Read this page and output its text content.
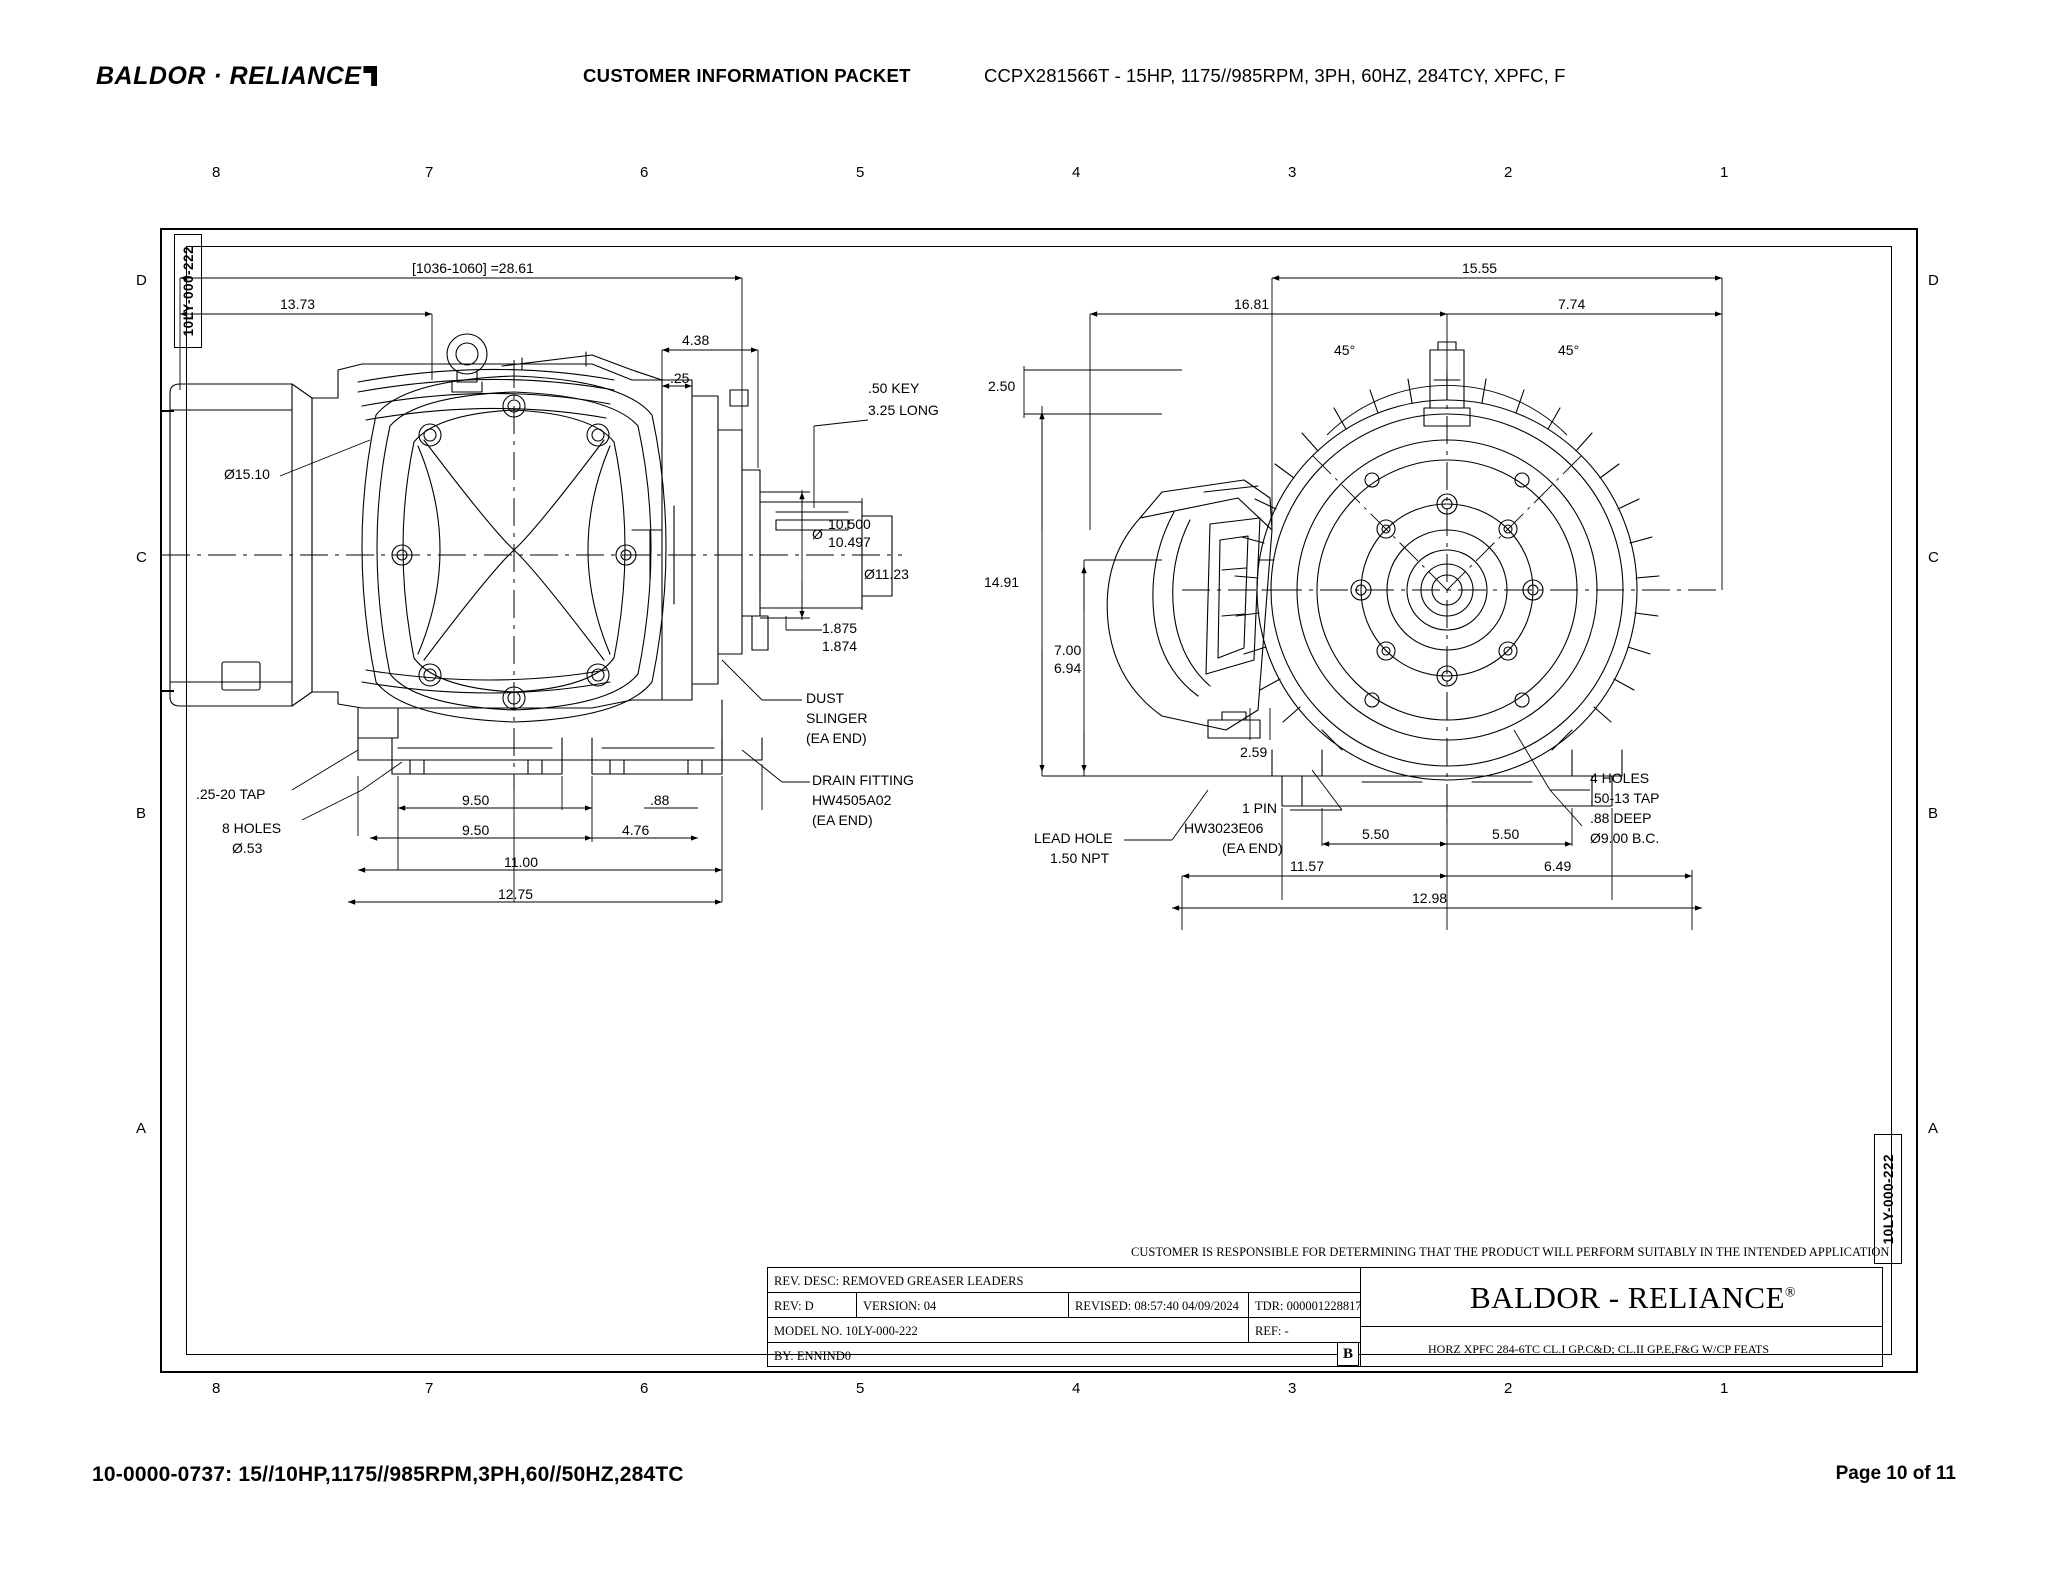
BALDOR · RELIANCE	CUSTOMER INFORMATION PACKET	CCPX281566T - 15HP, 1175//985RPM, 3PH, 60HZ, 284TCY, XPFC, F
8	7	6	5	4	3	2	1
8	7	6	5	4	3	2	1
D
C
B
A
D
C
B
A
10LY-000-222
10LY-000-222
[1036-1060] =28.61
13.73
4.38
.25
.50 KEY
3.25 LONG
Ø15.10
Ø
10.500
10.497
Ø11.23
1.875
1.874
DUST
SLINGER
(EA END)
DRAIN FITTING
HW4505A02
(EA END)
.25-20 TAP
8 HOLES
Ø.53
9.50	.88
9.50	4.76
11.00
12.75
15.55
16.81	7.74
45°	45°
2.50
14.91
7.00
6.94
2.59
LEAD HOLE
1.50 NPT
1 PIN
HW3023E06
(EA END)
4 HOLES
.50-13 TAP
.88 DEEP
Ø9.00 B.C.
5.50	5.50
11.57	6.49
12.98
CUSTOMER IS RESPONSIBLE FOR DETERMINING THAT THE PRODUCT WILL PERFORM SUITABLY IN THE INTENDED APPLICATION
REV. DESC: REMOVED GREASER LEADERS
REV: D	VERSION: 04	REVISED: 08:57:40 04/09/2024 TDR: 000001228817
MODEL NO. 10LY-000-222	REF: -
BY: ENNIND0
BALDOR - RELIANCE®
HORZ XPFC 284-6TC CL.I GP.C&D; CL.II GP.E,F&G W/CP FEATS
B
10-0000-0737: 15//10HP,1175//985RPM,3PH,60//50HZ,284TC	Page 10 of 11
